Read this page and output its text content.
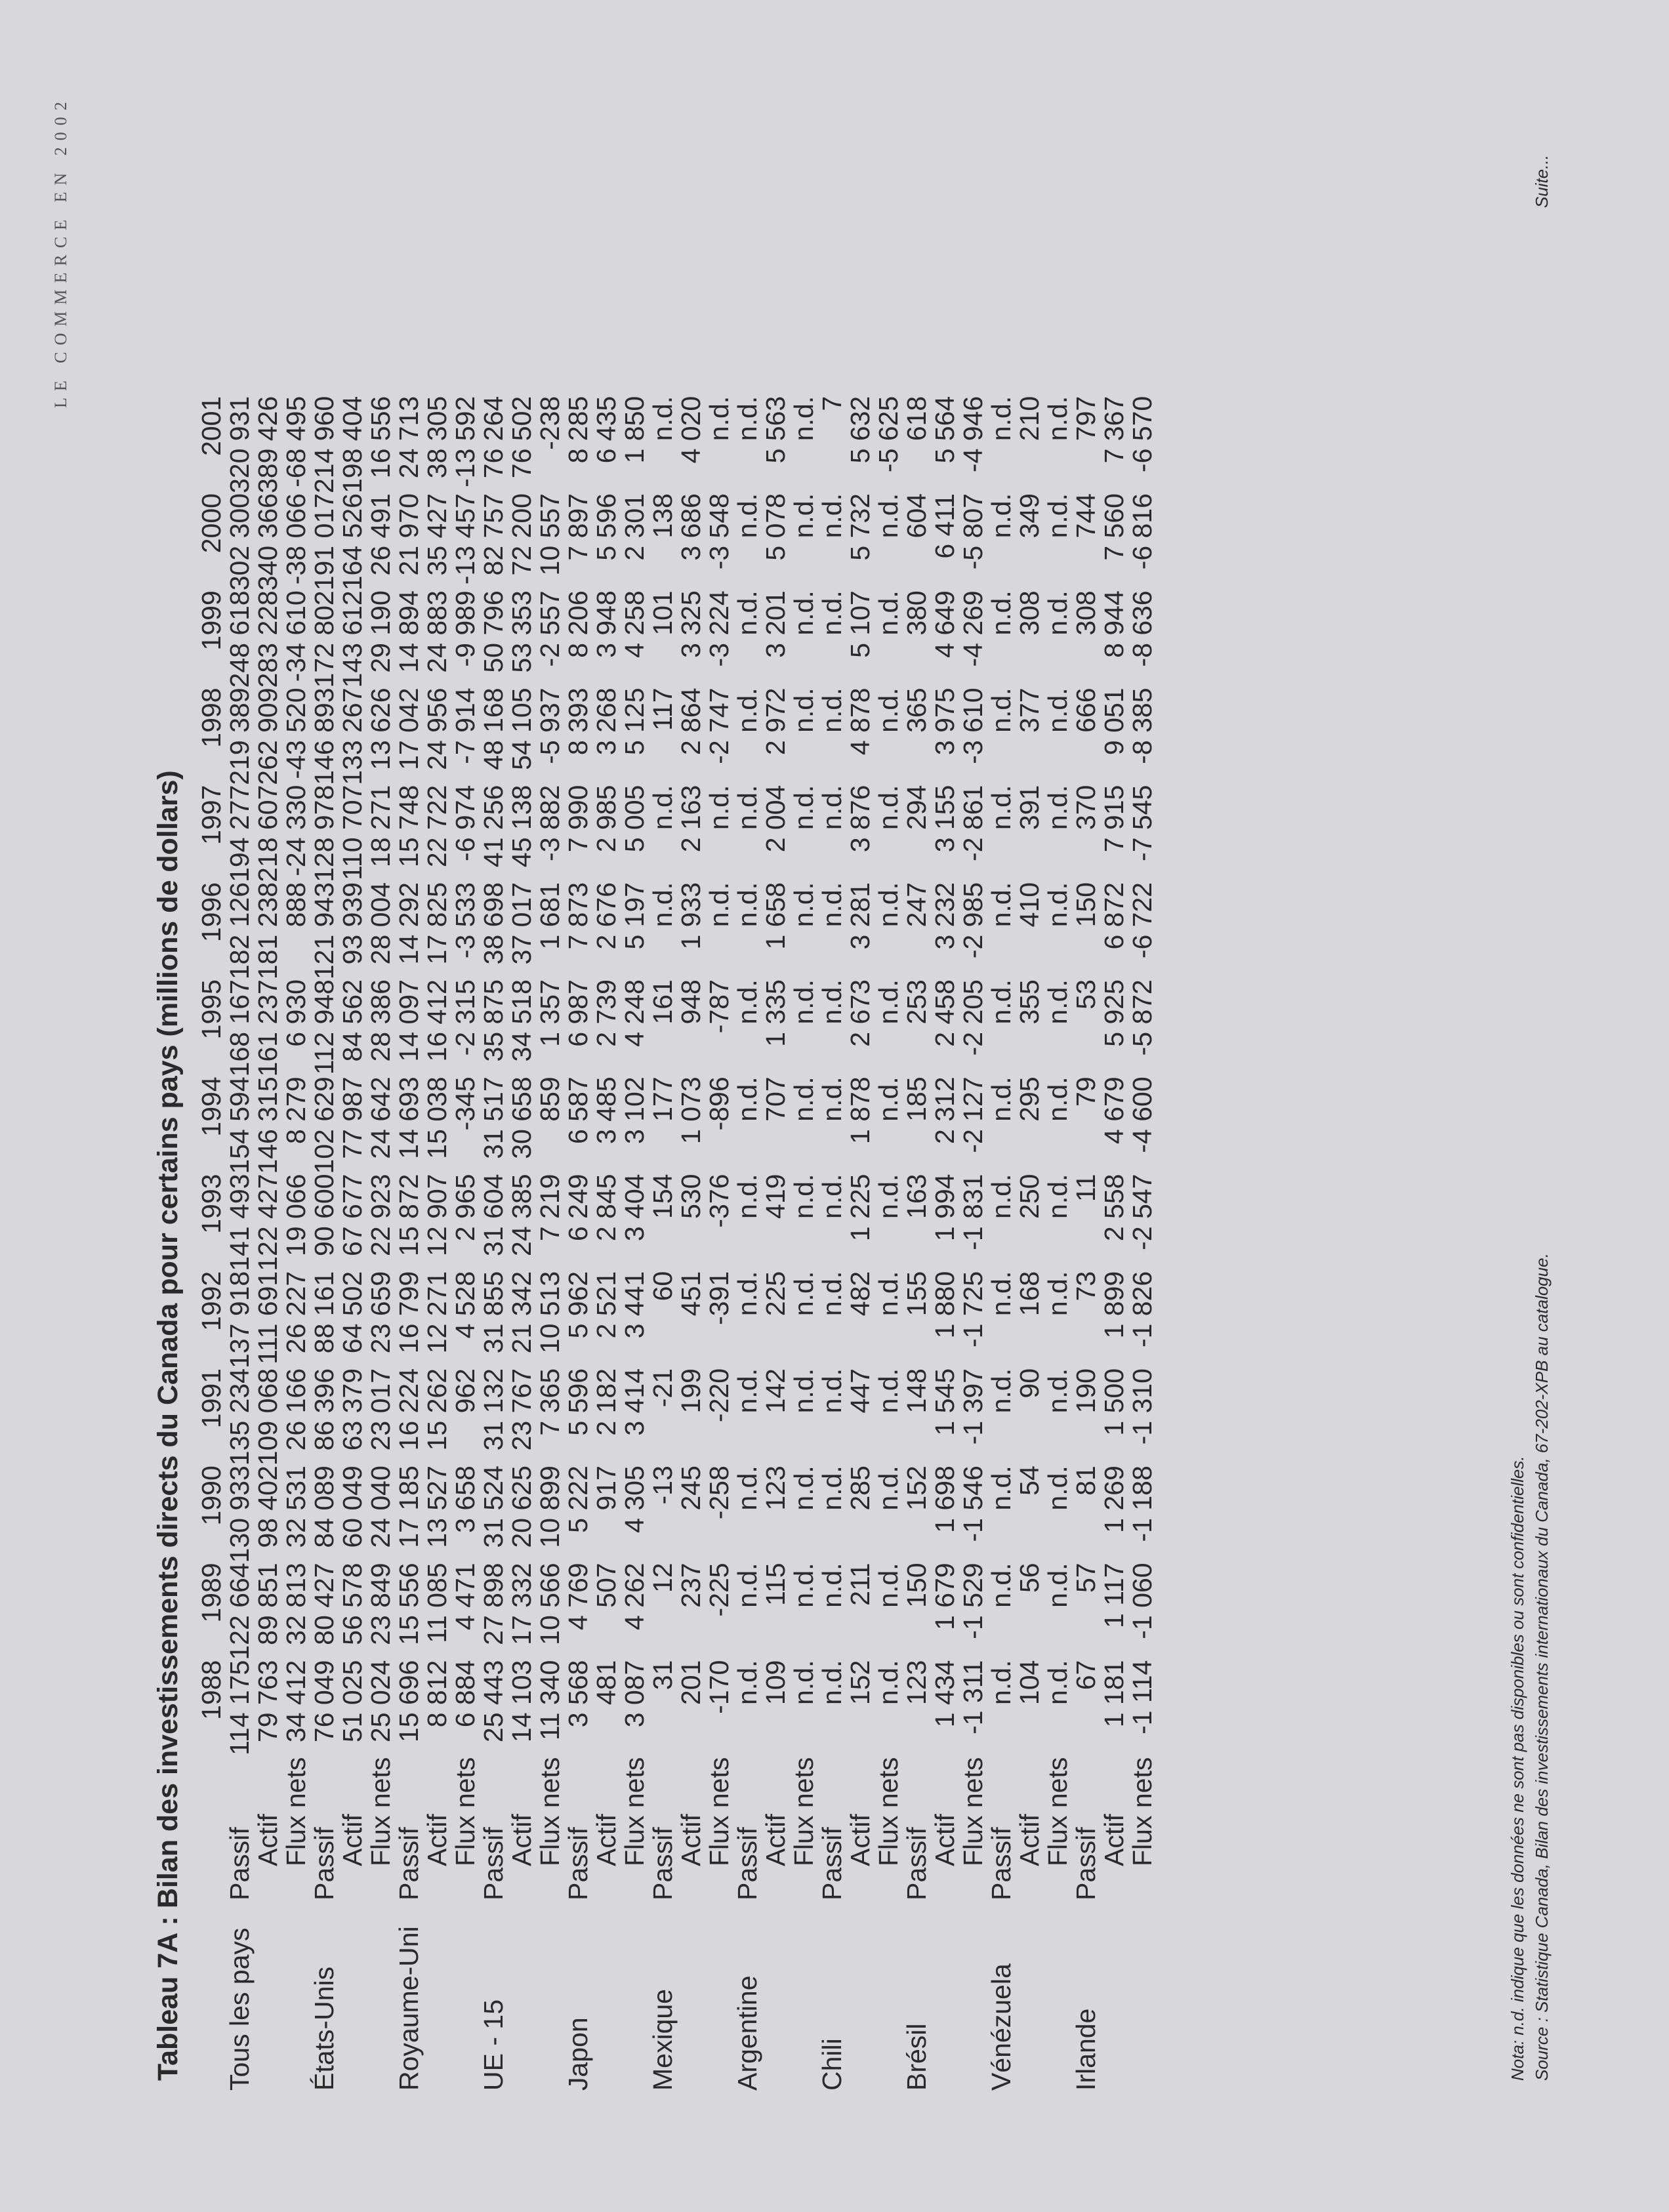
LE COMMERCE EN 2002
Tableau 7A : Bilan des investissements directs du Canada pour certains pays (millions de dollars)
		1988	1989	1990	1991	1992	1993	1994	1995	1996	1997	1998	1999	2000	2001
Tous les pays	Passif	114 175	122 664	130 933	135 234	137 918	141 493	154 594	168 167	182 126	194 277	219 389	248 618	302 300	320 931
	Actif	79 763	89 851	98 402	109 068	111 691	122 427	146 315	161 237	181 238	218 607	262 909	283 228	340 366	389 426
	Flux nets	34 412	32 813	32 531	26 166	26 227	19 066	8 279	6 930	888	-24 330	-43 520	-34 610	-38 066	-68 495
États-Unis	Passif	76 049	80 427	84 089	86 396	88 161	90 600	102 629	112 948	121 943	128 978	146 893	172 802	191 017	214 960
	Actif	51 025	56 578	60 049	63 379	64 502	67 677	77 987	84 562	93 939	110 707	133 267	143 612	164 526	198 404
	Flux nets	25 024	23 849	24 040	23 017	23 659	22 923	24 642	28 386	28 004	18 271	13 626	29 190	26 491	16 556
Royaume-Uni	Passif	15 696	15 556	17 185	16 224	16 799	15 872	14 693	14 097	14 292	15 748	17 042	14 894	21 970	24 713
	Actif	8 812	11 085	13 527	15 262	12 271	12 907	15 038	16 412	17 825	22 722	24 956	24 883	35 427	38 305
	Flux nets	6 884	4 471	3 658	962	4 528	2 965	-345	-2 315	-3 533	-6 974	-7 914	-9 989	-13 457	-13 592
UE - 15	Passif	25 443	27 898	31 524	31 132	31 855	31 604	31 517	35 875	38 698	41 256	48 168	50 796	82 757	76 264
	Actif	14 103	17 332	20 625	23 767	21 342	24 385	30 658	34 518	37 017	45 138	54 105	53 353	72 200	76 502
	Flux nets	11 340	10 566	10 899	7 365	10 513	7 219	859	1 357	1 681	-3 882	-5 937	-2 557	10 557	-238
Japon	Passif	3 568	4 769	5 222	5 596	5 962	6 249	6 587	6 987	7 873	7 990	8 393	8 206	7 897	8 285
	Actif	481	507	917	2 182	2 521	2 845	3 485	2 739	2 676	2 985	3 268	3 948	5 596	6 435
	Flux nets	3 087	4 262	4 305	3 414	3 441	3 404	3 102	4 248	5 197	5 005	5 125	4 258	2 301	1 850
Mexique	Passif	31	12	-13	-21	60	154	177	161	n.d.	n.d.	117	101	138	n.d.
	Actif	201	237	245	199	451	530	1 073	948	1 933	2 163	2 864	3 325	3 686	4 020
	Flux nets	-170	-225	-258	-220	-391	-376	-896	-787	n.d.	n.d.	-2 747	-3 224	-3 548	n.d.
Argentine	Passif	n.d.	n.d.	n.d.	n.d.	n.d.	n.d.	n.d.	n.d.	n.d.	n.d.	n.d.	n.d.	n.d.	n.d.
	Actif	109	115	123	142	225	419	707	1 335	1 658	2 004	2 972	3 201	5 078	5 563
	Flux nets	n.d.	n.d.	n.d.	n.d.	n.d.	n.d.	n.d.	n.d.	n.d.	n.d.	n.d.	n.d.	n.d.	n.d.
Chili	Passif	n.d.	n.d.	n.d.	n.d.	n.d.	n.d.	n.d.	n.d.	n.d.	n.d.	n.d.	n.d.	n.d.	7
	Actif	152	211	285	447	482	1 225	1 878	2 673	3 281	3 876	4 878	5 107	5 732	5 632
	Flux nets	n.d.	n.d.	n.d.	n.d.	n.d.	n.d.	n.d.	n.d.	n.d.	n.d.	n.d.	n.d.	n.d.	-5 625
Brésil	Passif	123	150	152	148	155	163	185	253	247	294	365	380	604	618
	Actif	1 434	1 679	1 698	1 545	1 880	1 994	2 312	2 458	3 232	3 155	3 975	4 649	6 411	5 564
	Flux nets	-1 311	-1 529	-1 546	-1 397	-1 725	-1 831	-2 127	-2 205	-2 985	-2 861	-3 610	-4 269	-5 807	-4 946
Vénézuela	Passif	n.d.	n.d.	n.d.	n.d.	n.d.	n.d.	n.d.	n.d.	n.d.	n.d.	n.d.	n.d.	n.d.	n.d.
	Actif	104	56	54	90	168	250	295	355	410	391	377	308	349	210
	Flux nets	n.d.	n.d.	n.d.	n.d.	n.d.	n.d.	n.d.	n.d.	n.d.	n.d.	n.d.	n.d.	n.d.	n.d.
Irlande	Passif	67	57	81	190	73	11	79	53	150	370	666	308	744	797
	Actif	1 181	1 117	1 269	1 500	1 899	2 558	4 679	5 925	6 872	7 915	9 051	8 944	7 560	7 367
	Flux nets	-1 114	-1 060	-1 188	-1 310	-1 826	-2 547	-4 600	-5 872	-6 722	-7 545	-8 385	-8 636	-6 816	-6 570
Nota: n.d. indique que les données ne sont pas disponibles ou sont confidentielles. Source : Statistique Canada, Bilan des investissements internationaux du Canada, 67-202-XPB au catalogue.
Suite...
